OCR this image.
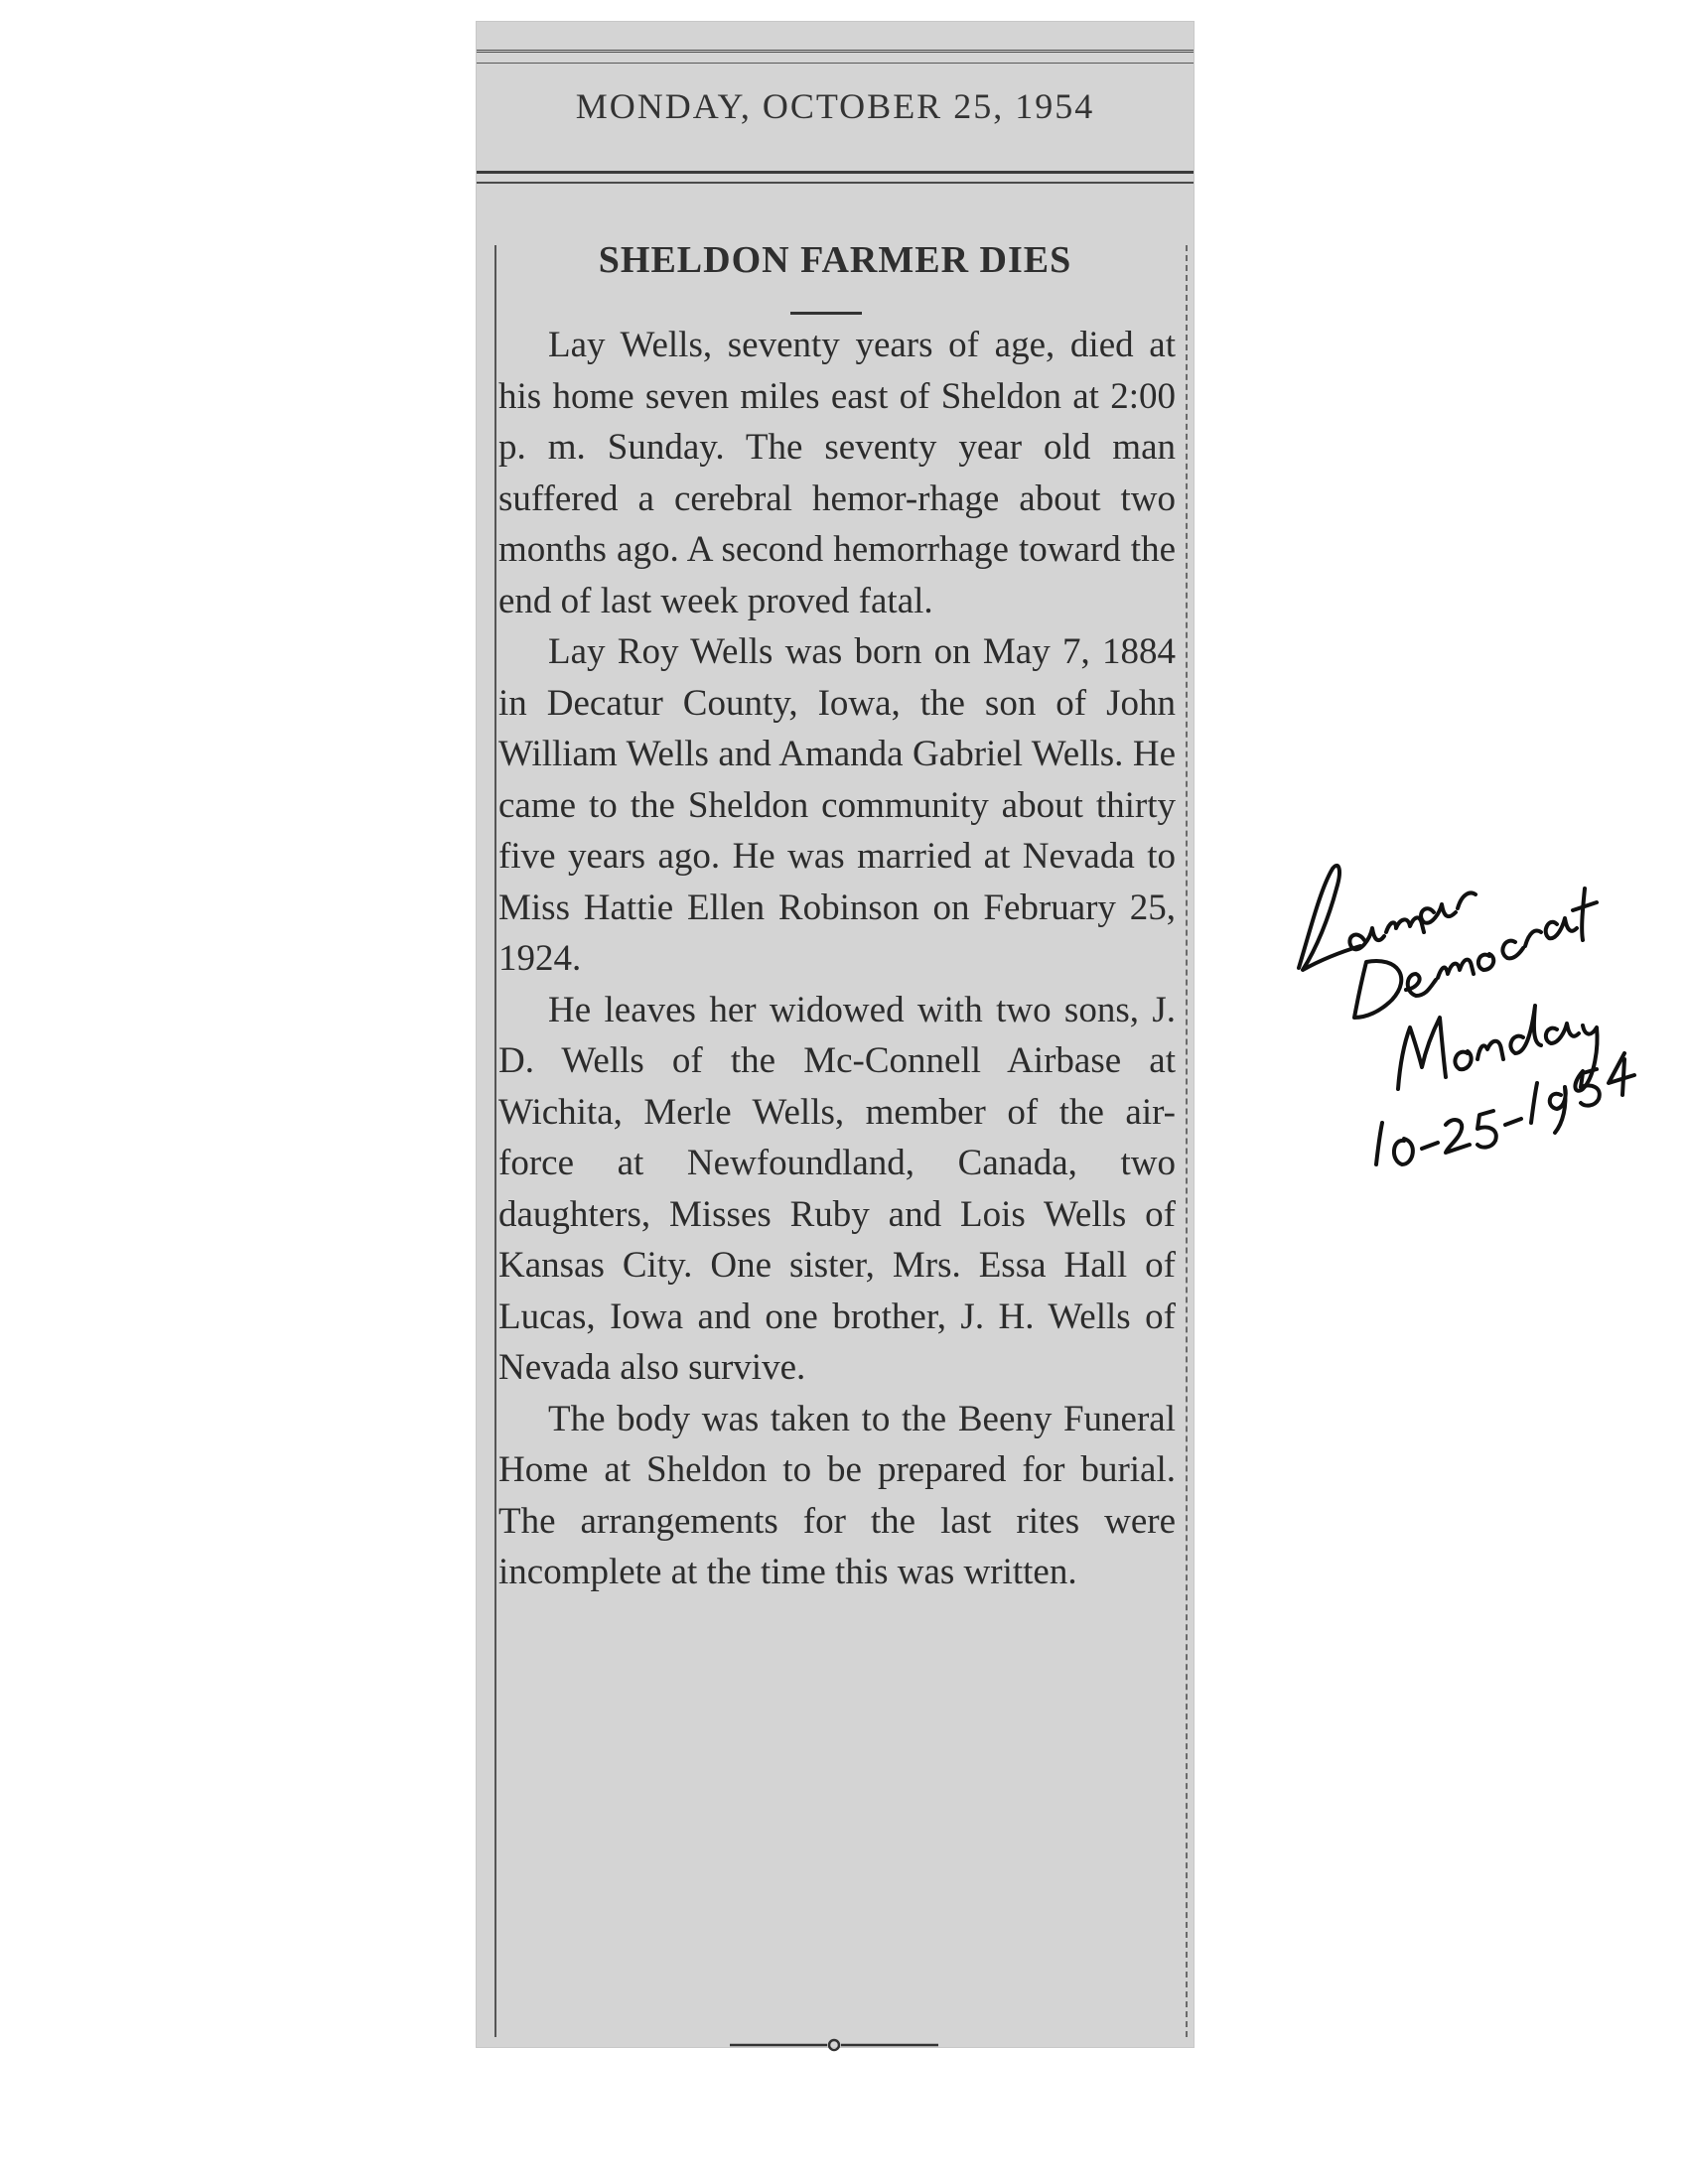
MONDAY, OCTOBER 25, 1954
SHELDON FARMER DIES

Lay Wells, seventy years of age, died at his home seven miles east of Sheldon at 2:00 p. m. Sunday. The seventy year old man suffered a cerebral hemor-rhage about two months ago. A second hemorrhage toward the end of last week proved fatal.

Lay Roy Wells was born on May 7, 1884 in Decatur County, Iowa, the son of John William Wells and Amanda Gabriel Wells. He came to the Sheldon community about thirty five years ago. He was married at Nevada to Miss Hattie Ellen Robinson on February 25, 1924.

He leaves her widowed with two sons, J. D. Wells of the Mc-Connell Airbase at Wichita, Merle Wells, member of the air-force at Newfoundland, Canada, two daughters, Misses Ruby and Lois Wells of Kansas City. One sister, Mrs. Essa Hall of Lucas, Iowa and one brother, J. H. Wells of Nevada also survive.

The body was taken to the Beeny Funeral Home at Sheldon to be prepared for burial. The arrangements for the last rites were incomplete at the time this was written.
